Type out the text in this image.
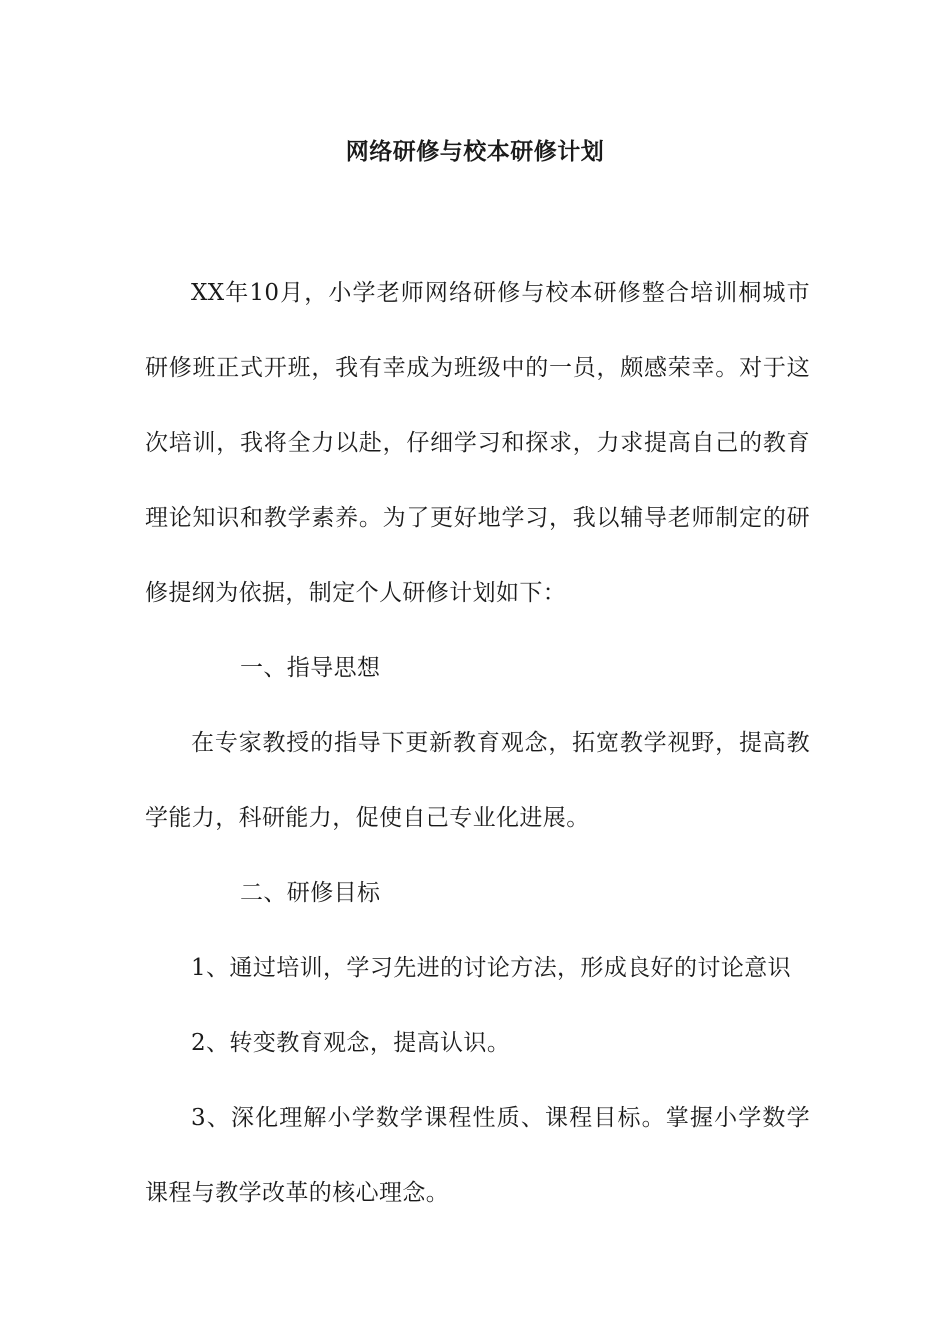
网络研修与校本研修计划

XX年10月，小学老师网络研修与校本研修整合培训桐城市研修班正式开班，我有幸成为班级中的一员，颇感荣幸。对于这次培训，我将全力以赴，仔细学习和探求，力求提高自己的教育理论知识和教学素养。为了更好地学习，我以辅导老师制定的研修提纲为依据，制定个人研修计划如下：

一、指导思想

在专家教授的指导下更新教育观念，拓宽教学视野，提高教学能力，科研能力，促使自己专业化进展。

二、研修目标

1、通过培训，学习先进的讨论方法，形成良好的讨论意识

2、转变教育观念，提高认识。

3、深化理解小学数学课程性质、课程目标。掌握小学数学课程与教学改革的核心理念。
